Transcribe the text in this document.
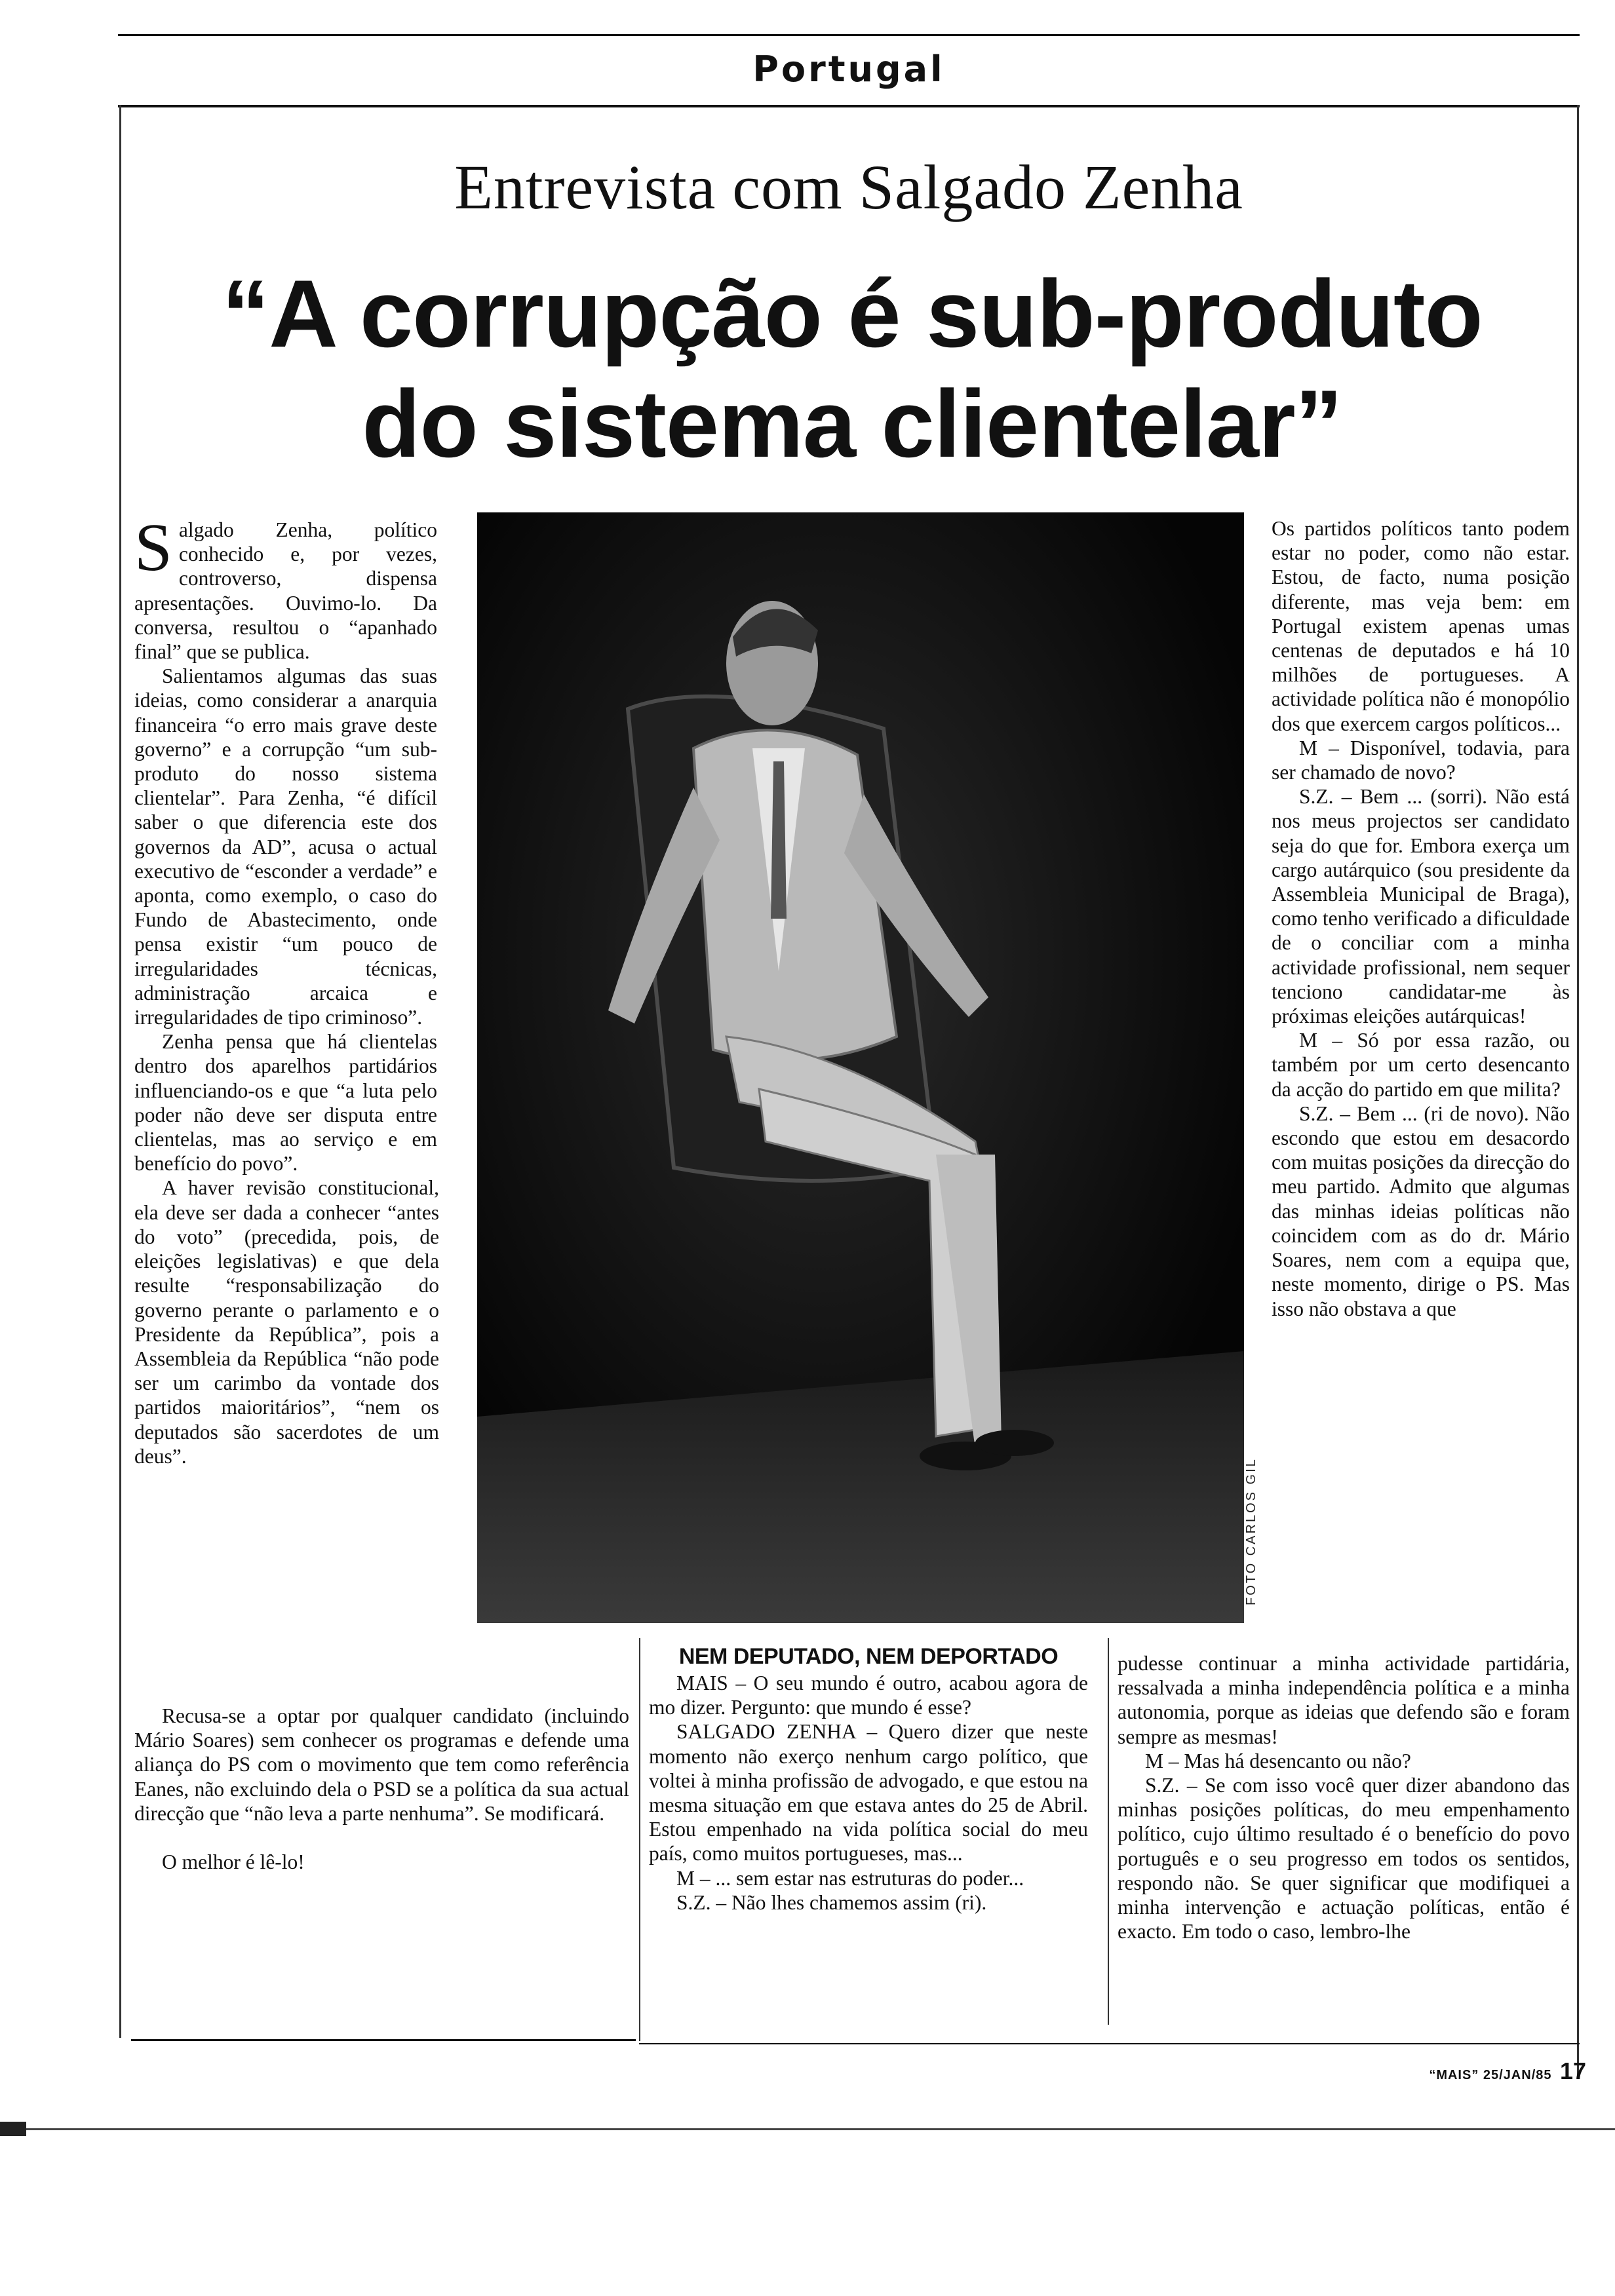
Portugal
Entrevista com Salgado Zenha
“A corrupção é sub-produto
do sistema clientelar”
FOTO CARLOS GIL

Salgado Zenha, político conhecido e, por vezes, controverso, dispensa apresentações. Ouvimo-lo. Da conversa, resultou o “apanhado final” que se publica.

Salientamos algumas das suas ideias, como considerar a anarquia financeira “o erro mais grave deste governo” e a corrupção “um sub-produto do nosso sistema clientelar”. Para Zenha, “é difícil saber o que diferencia este dos governos da AD”, acusa o actual executivo de “esconder a verdade” e aponta, como exemplo, o caso do Fundo de Abastecimento, onde pensa existir “um pouco de irregularidades técnicas, administração arcaica e irregularidades de tipo criminoso”.

Zenha pensa que há clientelas dentro dos aparelhos partidários influenciando-os e que “a luta pelo poder não deve ser disputa entre clientelas, mas ao serviço e em benefício do povo”.

A haver revisão constitucional, ela deve ser dada a conhecer “antes do voto” (precedida, pois, de eleições legislativas) e que dela resulte “responsabilização do governo perante o parlamento e o Presidente da República”, pois a Assembleia da República “não pode ser um carimbo da vontade dos partidos maioritários”, “nem os deputados são sacerdotes de um deus”.

Recusa-se a optar por qualquer candidato (incluindo Mário Soares) sem conhecer os programas e defende uma aliança do PS com o movimento que tem como referência Eanes, não excluindo dela o PSD se a política da sua actual direcção que “não leva a parte nenhuma”. Se modificará.

O melhor é lê-lo!

NEM DEPUTADO, NEM DEPORTADO

MAIS – O seu mundo é outro, acabou agora de mo dizer. Pergunto: que mundo é esse?

SALGADO ZENHA – Quero dizer que neste momento não exerço nenhum cargo político, que voltei à minha profissão de advogado, e que estou na mesma situação em que estava antes do 25 de Abril. Estou empenhado na vida política social do meu país, como muitos portugueses, mas...

M – ... sem estar nas estruturas do poder...

S.Z. – Não lhes chamemos assim (ri).

Os partidos políticos tanto podem estar no poder, como não estar. Estou, de facto, numa posição diferente, mas veja bem: em Portugal existem apenas umas centenas de deputados e há 10 milhões de portugueses. A actividade política não é monopólio dos que exercem cargos políticos...

M – Disponível, todavia, para ser chamado de novo?

S.Z. – Bem ... (sorri). Não está nos meus projectos ser candidato seja do que for. Embora exerça um cargo autárquico (sou presidente da Assembleia Municipal de Braga), como tenho verificado a dificuldade de o conciliar com a minha actividade profissional, nem sequer tenciono candidatar-me às próximas eleições autárquicas!

M – Só por essa razão, ou também por um certo desencanto da acção do partido em que milita?

S.Z. – Bem ... (ri de novo). Não escondo que estou em desacordo com muitas posições da direcção do meu partido. Admito que algumas das minhas ideias políticas não coincidem com as do dr. Mário Soares, nem com a equipa que, neste momento, dirige o PS. Mas isso não obstava a que

pudesse continuar a minha actividade partidária, ressalvada a minha independência política e a minha autonomia, porque as ideias que defendo são e foram sempre as mesmas!

M – Mas há desencanto ou não?

S.Z. – Se com isso você quer dizer abandono das minhas posições políticas, do meu empenhamento político, cujo último resultado é o benefício do povo português e o seu progresso em todos os sentidos, respondo não. Se quer significar que modifiquei a minha intervenção e actuação políticas, então é exacto. Em todo o caso, lembro-lhe

“MAIS” 25/JAN/85 17
